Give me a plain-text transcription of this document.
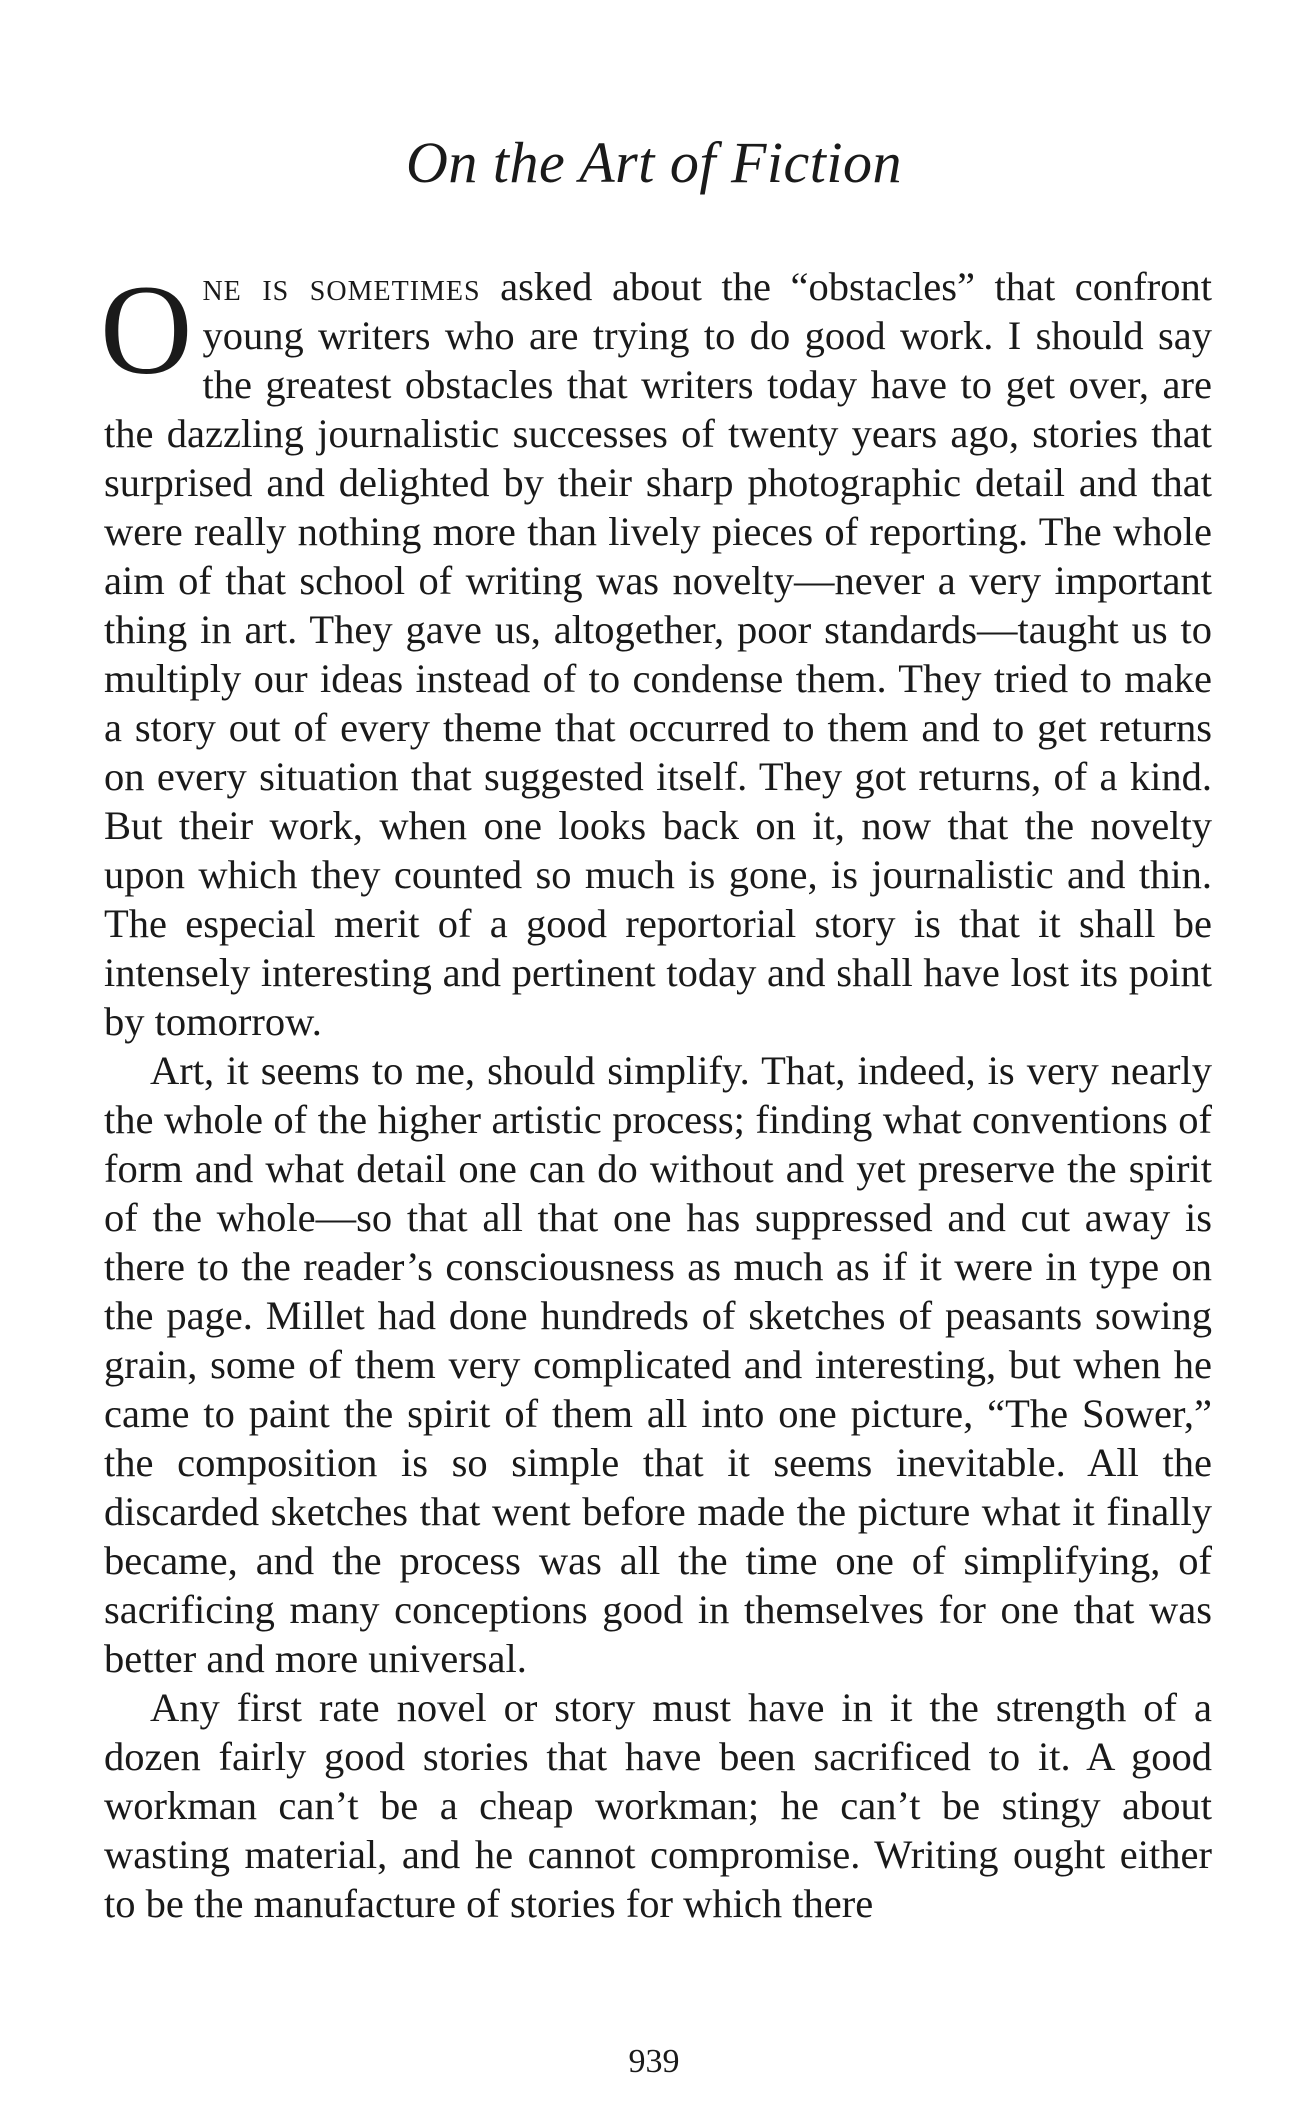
On the Art of Fiction

One is sometimes asked about the “obstacles” that confront young writers who are trying to do good work. I should say the greatest obstacles that writers today have to get over, are the dazzling journalistic successes of twenty years ago, stories that surprised and delighted by their sharp photographic detail and that were really nothing more than lively pieces of reporting. The whole aim of that school of writing was novelty—never a very important thing in art. They gave us, altogether, poor standards—taught us to multiply our ideas instead of to condense them. They tried to make a story out of every theme that occurred to them and to get returns on every situation that suggested itself. They got returns, of a kind. But their work, when one looks back on it, now that the novelty upon which they counted so much is gone, is journalistic and thin. The especial merit of a good reportorial story is that it shall be intensely interesting and pertinent today and shall have lost its point by tomorrow.

Art, it seems to me, should simplify. That, indeed, is very nearly the whole of the higher artistic process; finding what conventions of form and what detail one can do without and yet preserve the spirit of the whole—so that all that one has suppressed and cut away is there to the reader’s consciousness as much as if it were in type on the page. Millet had done hundreds of sketches of peasants sowing grain, some of them very complicated and interesting, but when he came to paint the spirit of them all into one picture, “The Sower,” the composition is so simple that it seems inevitable. All the discarded sketches that went before made the picture what it finally became, and the process was all the time one of simplifying, of sacrificing many conceptions good in themselves for one that was better and more universal.

Any first rate novel or story must have in it the strength of a dozen fairly good stories that have been sacrificed to it. A good workman can’t be a cheap workman; he can’t be stingy about wasting material, and he cannot compromise. Writing ought either to be the manufacture of stories for which there

939
